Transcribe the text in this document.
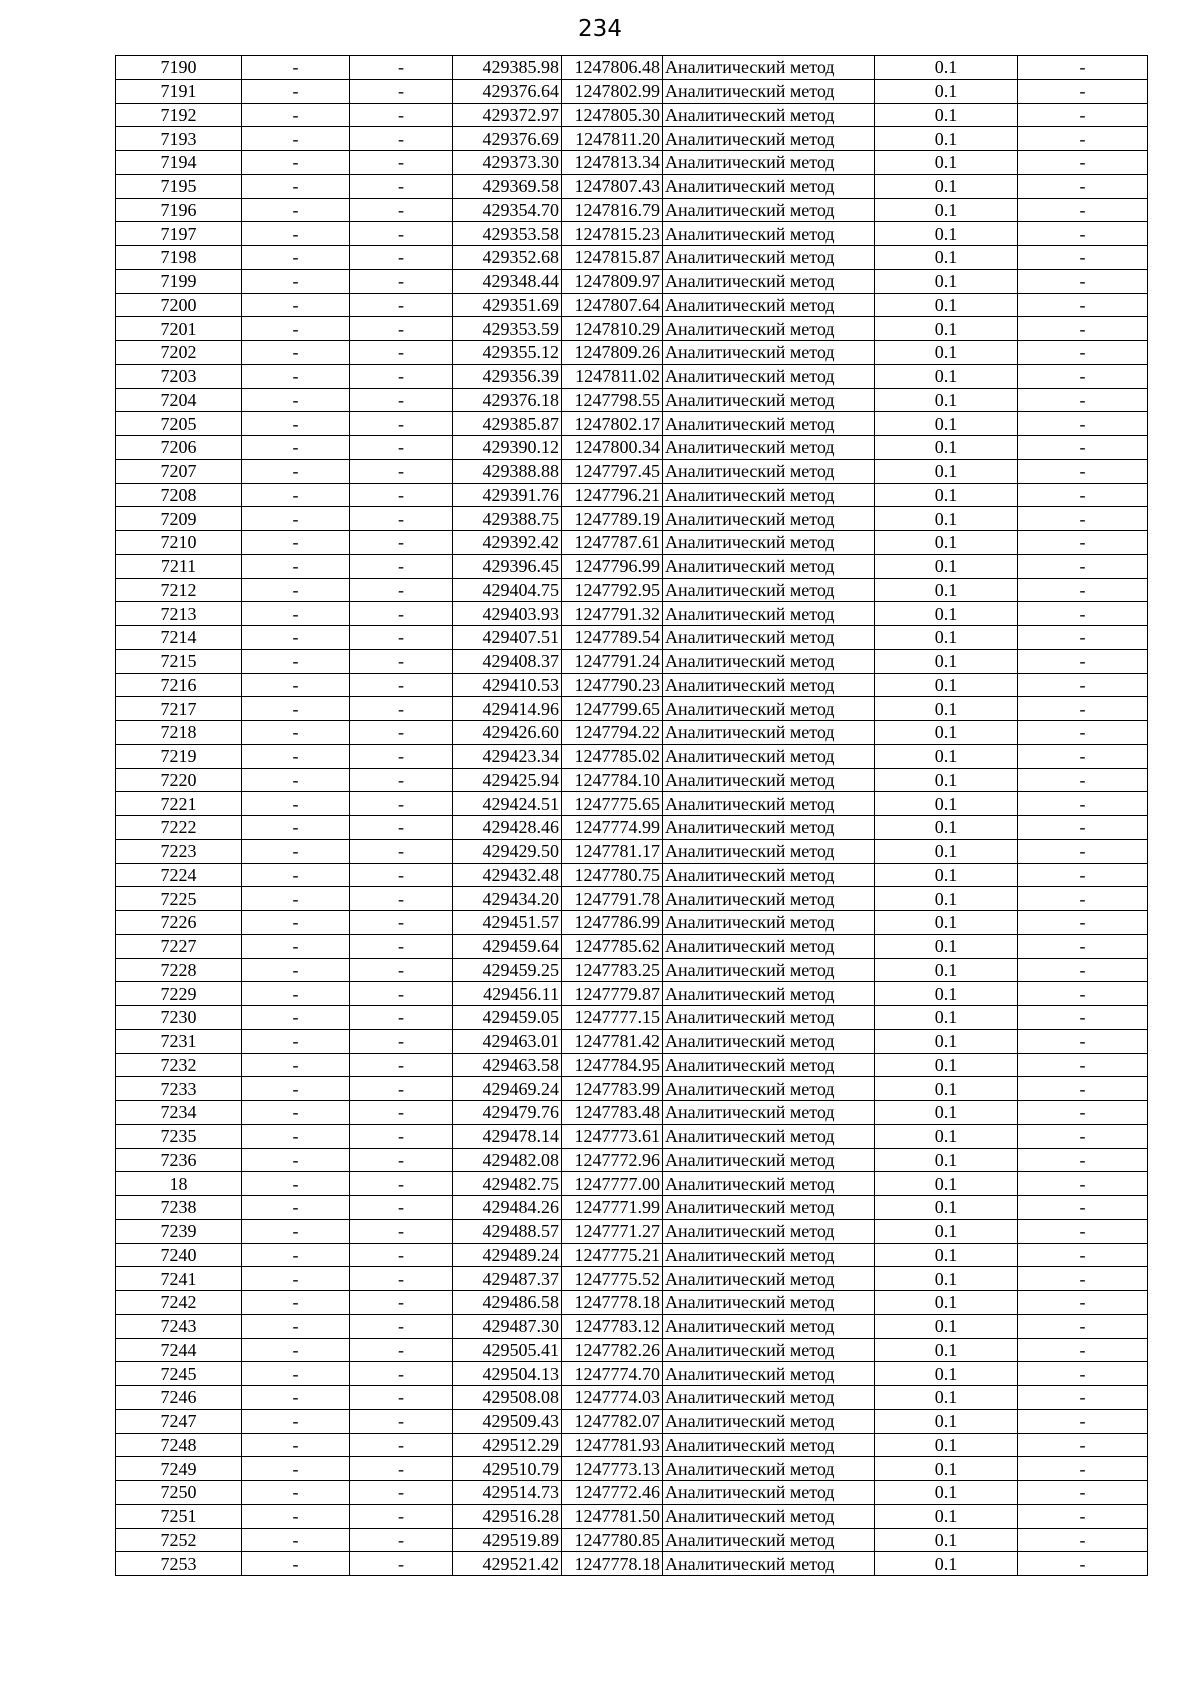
234
7190	-	-	429385.98	1247806.48	Аналитический метод	0.1	-
7191	-	-	429376.64	1247802.99	Аналитический метод	0.1	-
7192	-	-	429372.97	1247805.30	Аналитический метод	0.1	-
7193	-	-	429376.69	1247811.20	Аналитический метод	0.1	-
7194	-	-	429373.30	1247813.34	Аналитический метод	0.1	-
7195	-	-	429369.58	1247807.43	Аналитический метод	0.1	-
7196	-	-	429354.70	1247816.79	Аналитический метод	0.1	-
7197	-	-	429353.58	1247815.23	Аналитический метод	0.1	-
7198	-	-	429352.68	1247815.87	Аналитический метод	0.1	-
7199	-	-	429348.44	1247809.97	Аналитический метод	0.1	-
7200	-	-	429351.69	1247807.64	Аналитический метод	0.1	-
7201	-	-	429353.59	1247810.29	Аналитический метод	0.1	-
7202	-	-	429355.12	1247809.26	Аналитический метод	0.1	-
7203	-	-	429356.39	1247811.02	Аналитический метод	0.1	-
7204	-	-	429376.18	1247798.55	Аналитический метод	0.1	-
7205	-	-	429385.87	1247802.17	Аналитический метод	0.1	-
7206	-	-	429390.12	1247800.34	Аналитический метод	0.1	-
7207	-	-	429388.88	1247797.45	Аналитический метод	0.1	-
7208	-	-	429391.76	1247796.21	Аналитический метод	0.1	-
7209	-	-	429388.75	1247789.19	Аналитический метод	0.1	-
7210	-	-	429392.42	1247787.61	Аналитический метод	0.1	-
7211	-	-	429396.45	1247796.99	Аналитический метод	0.1	-
7212	-	-	429404.75	1247792.95	Аналитический метод	0.1	-
7213	-	-	429403.93	1247791.32	Аналитический метод	0.1	-
7214	-	-	429407.51	1247789.54	Аналитический метод	0.1	-
7215	-	-	429408.37	1247791.24	Аналитический метод	0.1	-
7216	-	-	429410.53	1247790.23	Аналитический метод	0.1	-
7217	-	-	429414.96	1247799.65	Аналитический метод	0.1	-
7218	-	-	429426.60	1247794.22	Аналитический метод	0.1	-
7219	-	-	429423.34	1247785.02	Аналитический метод	0.1	-
7220	-	-	429425.94	1247784.10	Аналитический метод	0.1	-
7221	-	-	429424.51	1247775.65	Аналитический метод	0.1	-
7222	-	-	429428.46	1247774.99	Аналитический метод	0.1	-
7223	-	-	429429.50	1247781.17	Аналитический метод	0.1	-
7224	-	-	429432.48	1247780.75	Аналитический метод	0.1	-
7225	-	-	429434.20	1247791.78	Аналитический метод	0.1	-
7226	-	-	429451.57	1247786.99	Аналитический метод	0.1	-
7227	-	-	429459.64	1247785.62	Аналитический метод	0.1	-
7228	-	-	429459.25	1247783.25	Аналитический метод	0.1	-
7229	-	-	429456.11	1247779.87	Аналитический метод	0.1	-
7230	-	-	429459.05	1247777.15	Аналитический метод	0.1	-
7231	-	-	429463.01	1247781.42	Аналитический метод	0.1	-
7232	-	-	429463.58	1247784.95	Аналитический метод	0.1	-
7233	-	-	429469.24	1247783.99	Аналитический метод	0.1	-
7234	-	-	429479.76	1247783.48	Аналитический метод	0.1	-
7235	-	-	429478.14	1247773.61	Аналитический метод	0.1	-
7236	-	-	429482.08	1247772.96	Аналитический метод	0.1	-
18	-	-	429482.75	1247777.00	Аналитический метод	0.1	-
7238	-	-	429484.26	1247771.99	Аналитический метод	0.1	-
7239	-	-	429488.57	1247771.27	Аналитический метод	0.1	-
7240	-	-	429489.24	1247775.21	Аналитический метод	0.1	-
7241	-	-	429487.37	1247775.52	Аналитический метод	0.1	-
7242	-	-	429486.58	1247778.18	Аналитический метод	0.1	-
7243	-	-	429487.30	1247783.12	Аналитический метод	0.1	-
7244	-	-	429505.41	1247782.26	Аналитический метод	0.1	-
7245	-	-	429504.13	1247774.70	Аналитический метод	0.1	-
7246	-	-	429508.08	1247774.03	Аналитический метод	0.1	-
7247	-	-	429509.43	1247782.07	Аналитический метод	0.1	-
7248	-	-	429512.29	1247781.93	Аналитический метод	0.1	-
7249	-	-	429510.79	1247773.13	Аналитический метод	0.1	-
7250	-	-	429514.73	1247772.46	Аналитический метод	0.1	-
7251	-	-	429516.28	1247781.50	Аналитический метод	0.1	-
7252	-	-	429519.89	1247780.85	Аналитический метод	0.1	-
7253	-	-	429521.42	1247778.18	Аналитический метод	0.1	-
